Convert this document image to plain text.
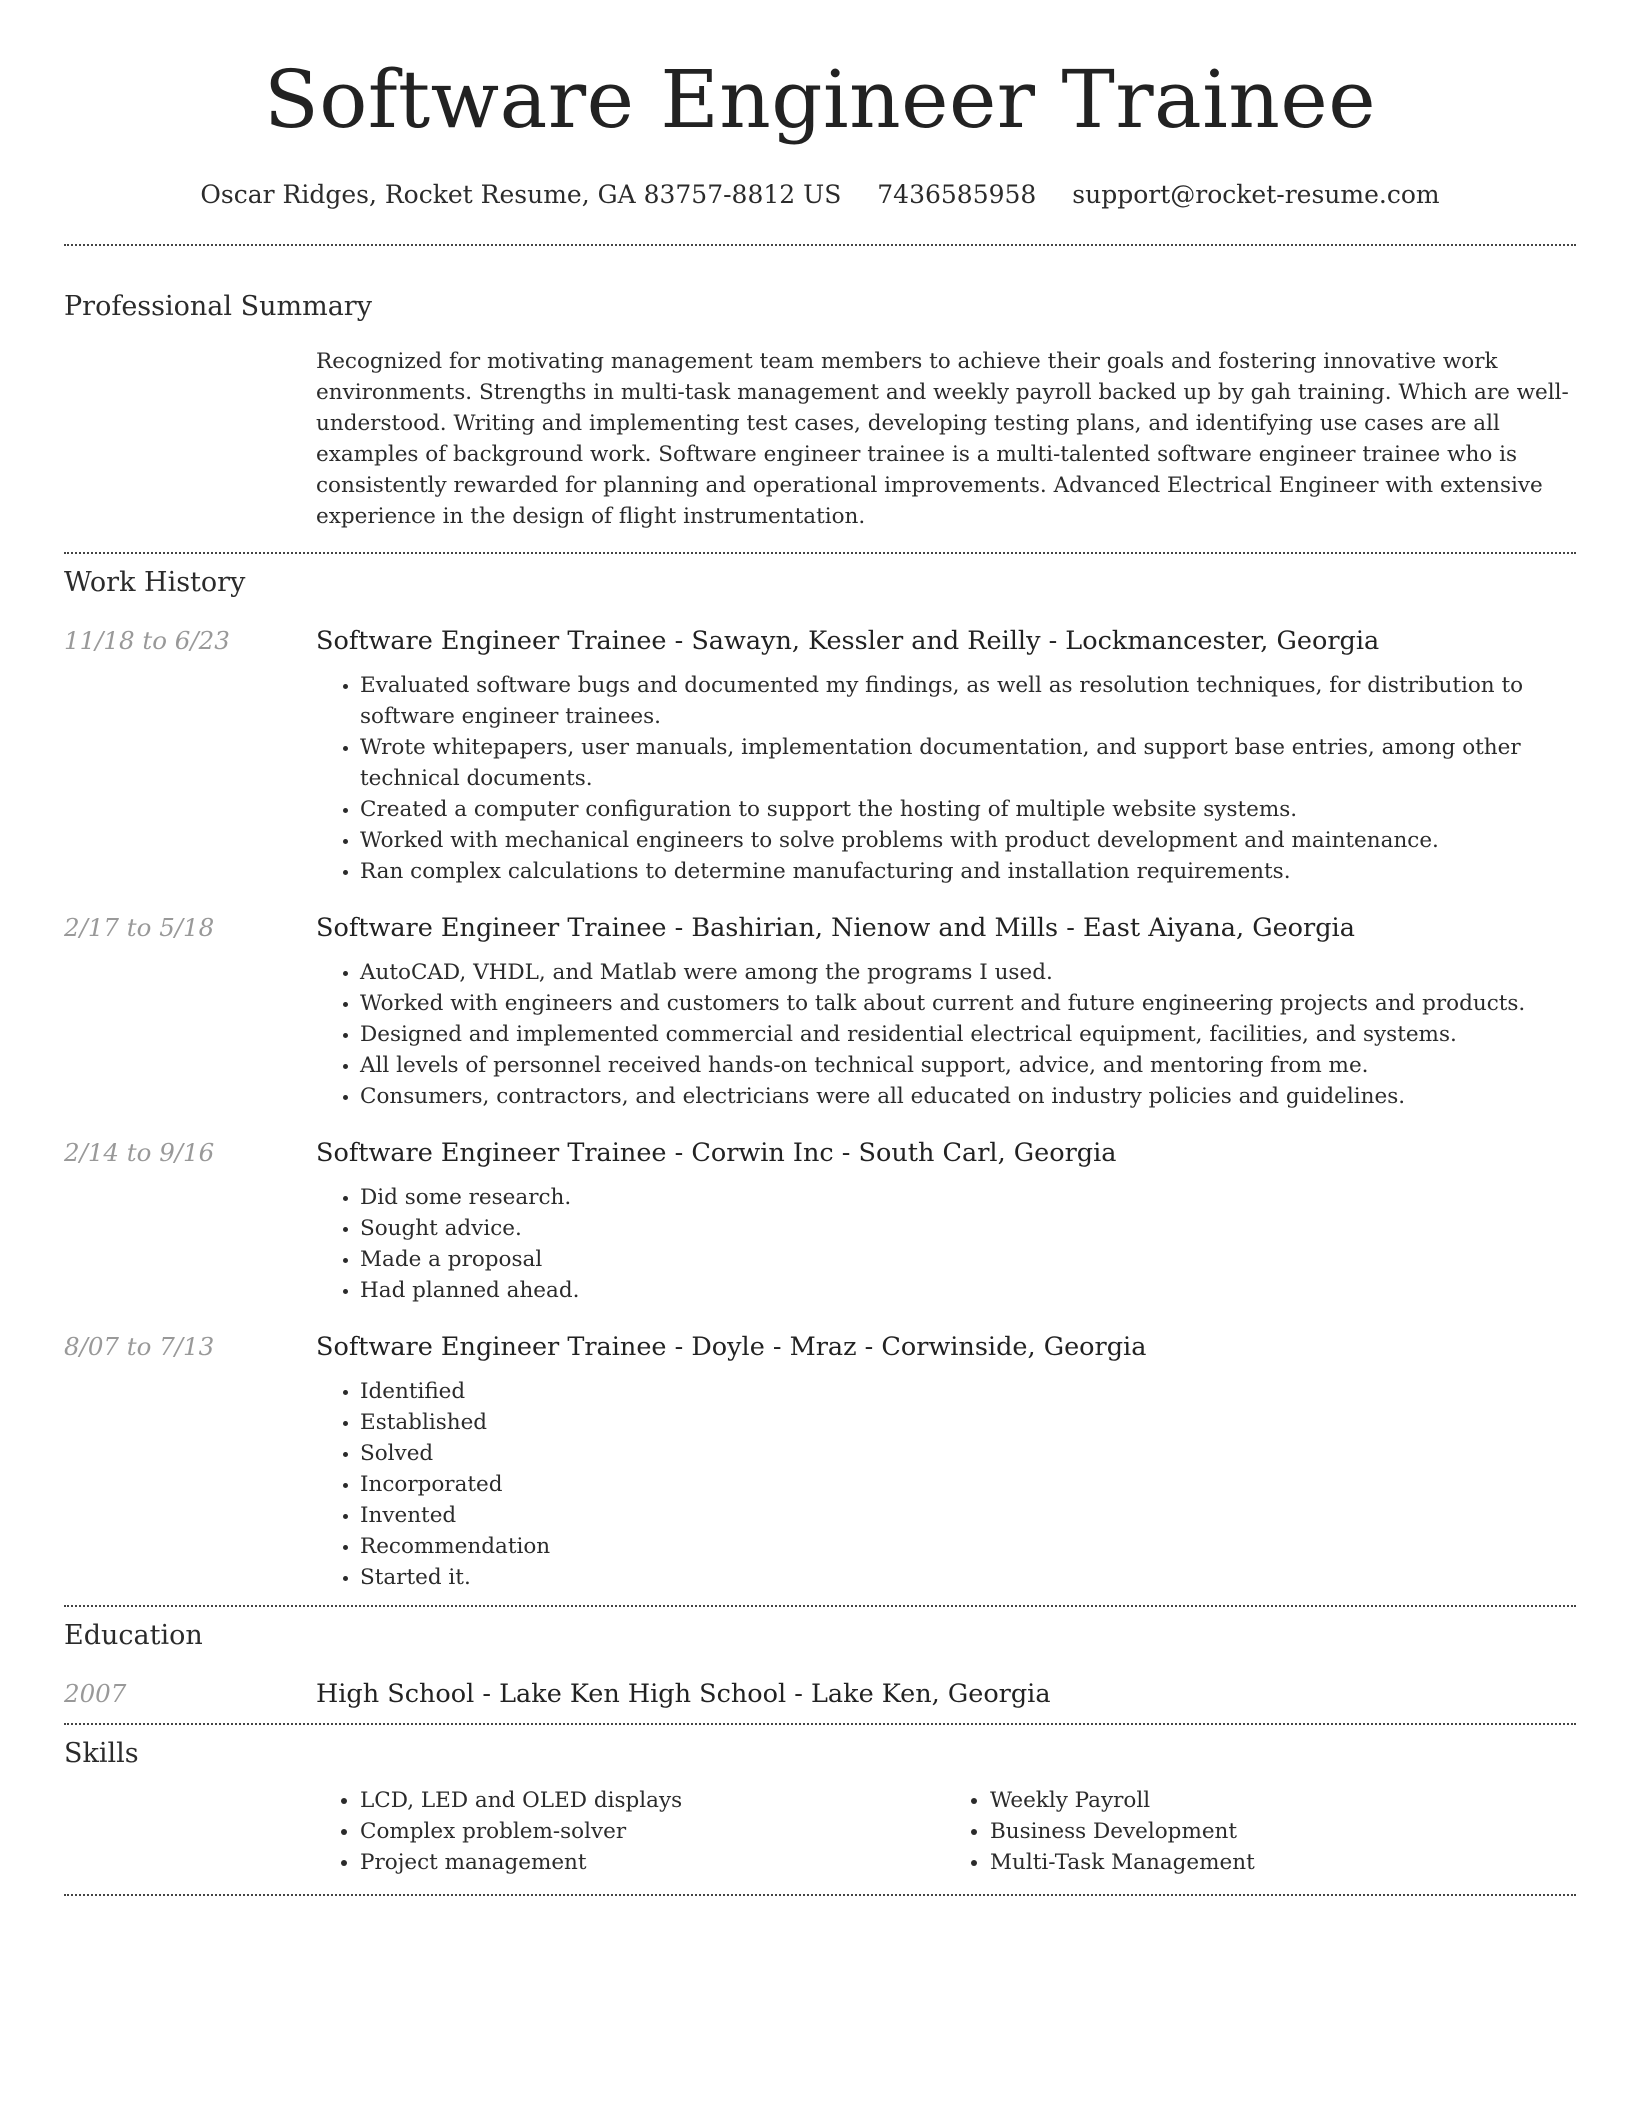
Software Engineer Trainee
Oscar Ridges, Rocket Resume, GA 83757-8812 US 7436585958 support@rocket-resume.com
Professional Summary

Recognized for motivating management team members to achieve their goals and fostering innovative work environments. Strengths in multi-task management and weekly payroll backed up by gah training. Which are well-understood. Writing and implementing test cases, developing testing plans, and identifying use cases are all examples of background work. Software engineer trainee is a multi-talented software engineer trainee who is consistently rewarded for planning and operational improvements. Advanced Electrical Engineer with extensive experience in the design of flight instrumentation.

Work History
11/18 to 6/23	Software Engineer Trainee - Sawayn, Kessler and Reilly - Lockmancester, Georgia
• Evaluated software bugs and documented my findings, as well as resolution techniques, for distribution to software engineer trainees.
• Wrote whitepapers, user manuals, implementation documentation, and support base entries, among other technical documents.
• Created a computer configuration to support the hosting of multiple website systems.
• Worked with mechanical engineers to solve problems with product development and maintenance.
• Ran complex calculations to determine manufacturing and installation requirements.
2/17 to 5/18	Software Engineer Trainee - Bashirian, Nienow and Mills - East Aiyana, Georgia
• AutoCAD, VHDL, and Matlab were among the programs I used.
• Worked with engineers and customers to talk about current and future engineering projects and products.
• Designed and implemented commercial and residential electrical equipment, facilities, and systems.
• All levels of personnel received hands-on technical support, advice, and mentoring from me.
• Consumers, contractors, and electricians were all educated on industry policies and guidelines.
2/14 to 9/16	Software Engineer Trainee - Corwin Inc - South Carl, Georgia
• Did some research.
• Sought advice.
• Made a proposal
• Had planned ahead.
8/07 to 7/13	Software Engineer Trainee - Doyle - Mraz - Corwinside, Georgia
• Identified
• Established
• Solved
• Incorporated
• Invented
• Recommendation
• Started it.
Education
2007	High School - Lake Ken High School - Lake Ken, Georgia
Skills
• LCD, LED and OLED displays
• Complex problem-solver
• Project management
• Weekly Payroll
• Business Development
• Multi-Task Management
